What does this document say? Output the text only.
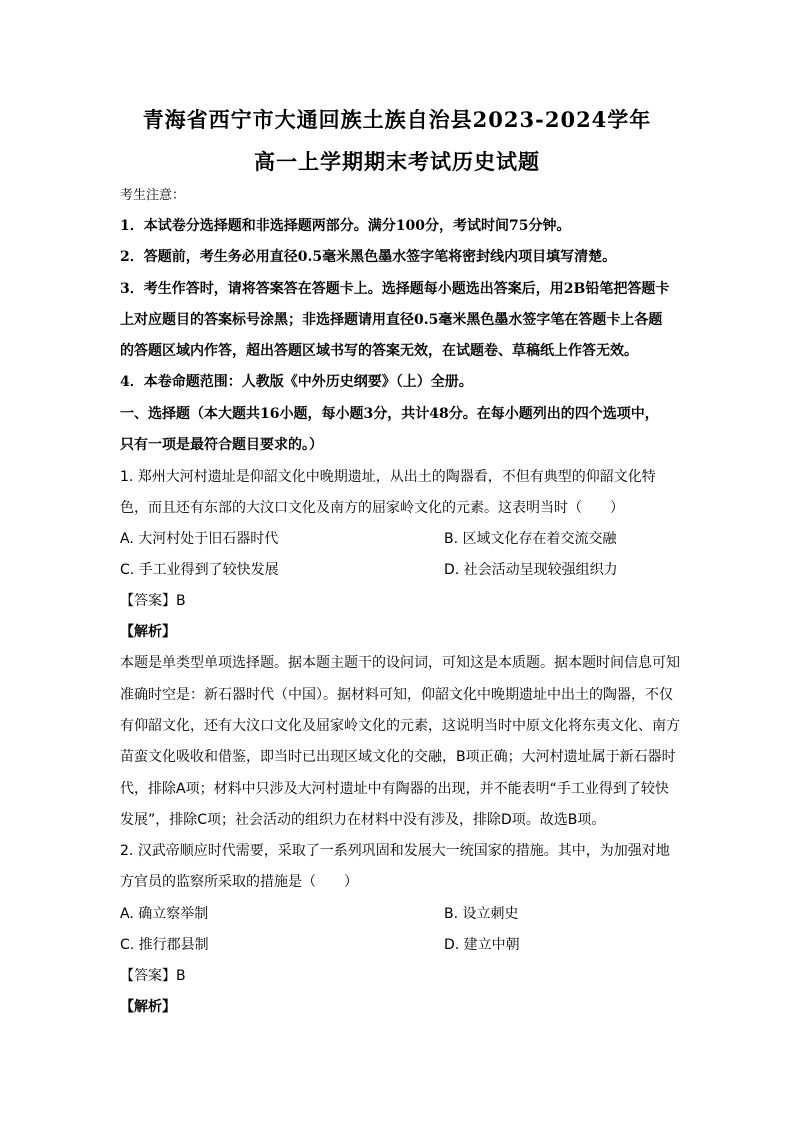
青海省西宁市大通回族土族自治县2023-2024学年
高一上学期期末考试历史试题

考生注意：

1．本试卷分选择题和非选择题两部分。满分100分，考试时间75分钟。

2．答题前，考生务必用直径0.5毫米黑色墨水签字笔将密封线内项目填写清楚。

3．考生作答时，请将答案答在答题卡上。选择题每小题选出答案后，用2B铅笔把答题卡

上对应题目的答案标号涂黑；非选择题请用直径0.5毫米黑色墨水签字笔在答题卡上各题

的答题区域内作答，超出答题区域书写的答案无效，在试题卷、草稿纸上作答无效。

4．本卷命题范围：人教版《中外历史纲要》（上）全册。

一、选择题（本大题共16小题，每小题3分，共计48分。在每小题列出的四个选项中，

只有一项是最符合题目要求的。）

1. 郑州大河村遗址是仰韶文化中晚期遗址，从出土的陶器看，不但有典型的仰韶文化特

色，而且还有东部的大汶口文化及南方的屈家岭文化的元素。这表明当时（　　）

A. 大河村处于旧石器时代	B. 区域文化存在着交流交融

C. 手工业得到了较快发展	D. 社会活动呈现较强组织力

【答案】B

【解析】

本题是单类型单项选择题。据本题主题干的设问词，可知这是本质题。据本题时间信息可知

准确时空是：新石器时代（中国）。据材料可知，仰韶文化中晚期遗址中出土的陶器，不仅

有仰韶文化，还有大汶口文化及屈家岭文化的元素，这说明当时中原文化将东夷文化、南方

苗蛮文化吸收和借鉴，即当时已出现区域文化的交融，B项正确；大河村遗址属于新石器时

代，排除A项；材料中只涉及大河村遗址中有陶器的出现，并不能表明“手工业得到了较快

发展”，排除C项；社会活动的组织力在材料中没有涉及，排除D项。故选B项。

2. 汉武帝顺应时代需要，采取了一系列巩固和发展大一统国家的措施。其中，为加强对地

方官员的监察所采取的措施是（　　）

A. 确立察举制	B. 设立刺史

C. 推行郡县制	D. 建立中朝

【答案】B

【解析】
